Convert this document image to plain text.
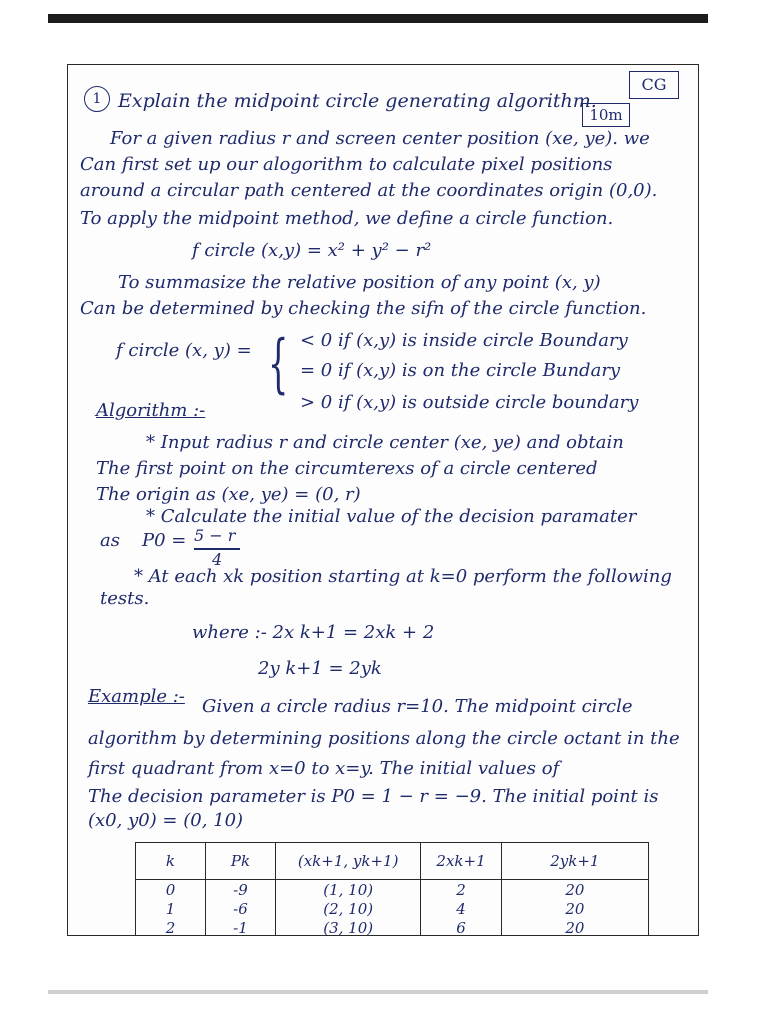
CG
1 Explain the midpoint circle generating algorithm.
10m
For a given radius r and screen center position (xe, ye). we
Can first set up our alogorithm to calculate pixel positions
around a circular path centered at the coordinates origin (0,0).
To apply the midpoint method, we define a circle function.
f circle (x,y) = x² + y² − r²
To summasize the relative position of any point (x, y)
Can be determined by checking the sifn of the circle function.
f circle (x, y) = { < 0 if (x,y) is inside circle Boundary
= 0 if (x,y) is on the circle Bundary
> 0 if (x,y) is outside circle boundary
Algorithm :-
* Input radius r and circle center (xe, ye) and obtain
The first point on the circumterexs of a circle centered
The origin as (xe, ye) = (0, r)
* Calculate the initial value of the decision paramater
as P0 = 5 − r
4
* At each xk position starting at k=0 perform the following
tests.
where :- 2x k+1 = 2xk + 2
2y k+1 = 2yk
Example :- Given a circle radius r=10. The midpoint circle
algorithm by determining positions along the circle octant in the
first quadrant from x=0 to x=y. The initial values of
The decision parameter is P0 = 1 − r = −9. The initial point is
(x0, y0) = (0, 10)
k	Pk	(xk+1, yk+1)	2xk+1	2yk+1
0	-9	(1, 10)	2	20
1	-6	(2, 10)	4	20
2	-1	(3, 10)	6	20
